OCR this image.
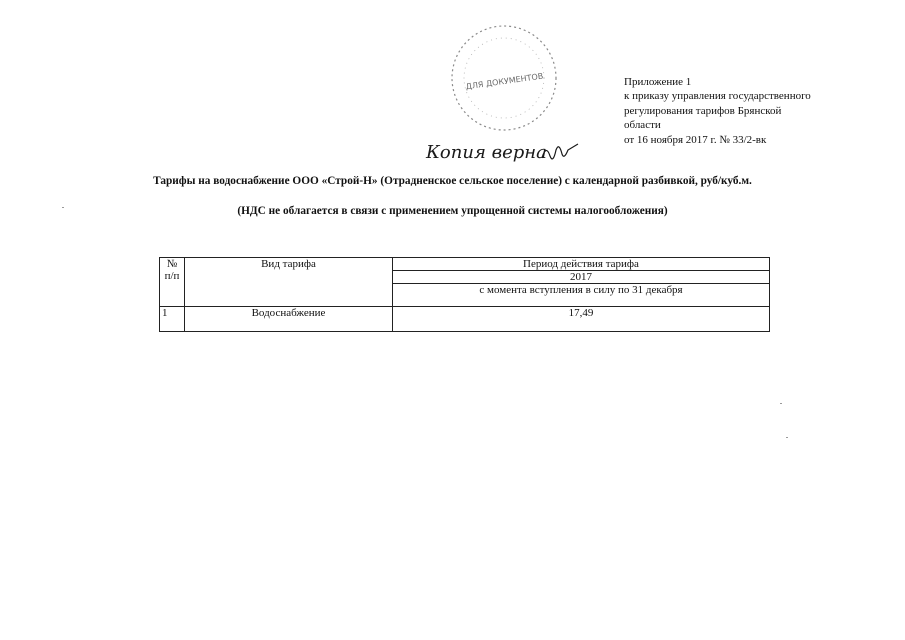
ДЛЯ ДОКУМЕНТОВ
Копия верна
Приложение 1
к приказу управления государственного
регулирования тарифов Брянской
области
от 16 ноября 2017 г. № 33/2-вк
Тарифы на водоснабжение ООО «Строй-Н» (Отрадненское сельское поселение) с календарной разбивкой, руб/куб.м.
(НДС не облагается в связи с применением упрощенной системы налогообложения)
№
п/п	Вид тарифа	Период действия тарифа
		2017
		с момента вступления в силу по 31 декабря
1	Водоснабжение	17,49
